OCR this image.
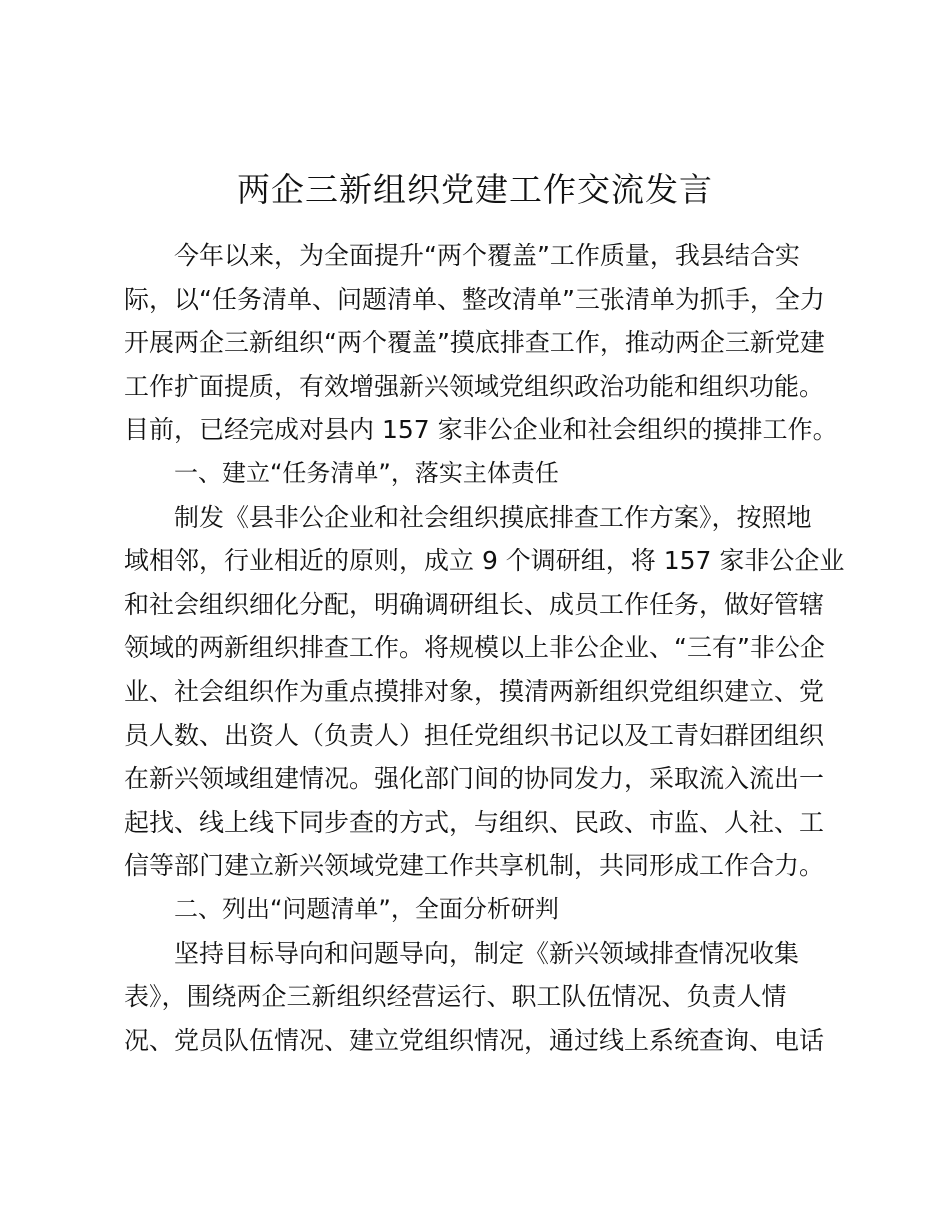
两企三新组织党建工作交流发言
今年以来，为全面提升“两个覆盖”工作质量，我县结合实
际，以“任务清单、问题清单、整改清单”三张清单为抓手，全力
开展两企三新组织“两个覆盖”摸底排查工作，推动两企三新党建
工作扩面提质，有效增强新兴领域党组织政治功能和组织功能。
目前，已经完成对县内 157 家非公企业和社会组织的摸排工作。
一、建立“任务清单”，落实主体责任
制发《县非公企业和社会组织摸底排查工作方案》，按照地
域相邻，行业相近的原则，成立 9 个调研组，将 157 家非公企业
和社会组织细化分配，明确调研组长、成员工作任务，做好管辖
领域的两新组织排查工作。将规模以上非公企业、“三有”非公企
业、社会组织作为重点摸排对象，摸清两新组织党组织建立、党
员人数、出资人（负责人）担任党组织书记以及工青妇群团组织
在新兴领域组建情况。强化部门间的协同发力，采取流入流出一
起找、线上线下同步查的方式，与组织、民政、市监、人社、工
信等部门建立新兴领域党建工作共享机制，共同形成工作合力。
二、列出“问题清单”，全面分析研判
坚持目标导向和问题导向，制定《新兴领域排查情况收集
表》，围绕两企三新组织经营运行、职工队伍情况、负责人情
况、党员队伍情况、建立党组织情况，通过线上系统查询、电话
